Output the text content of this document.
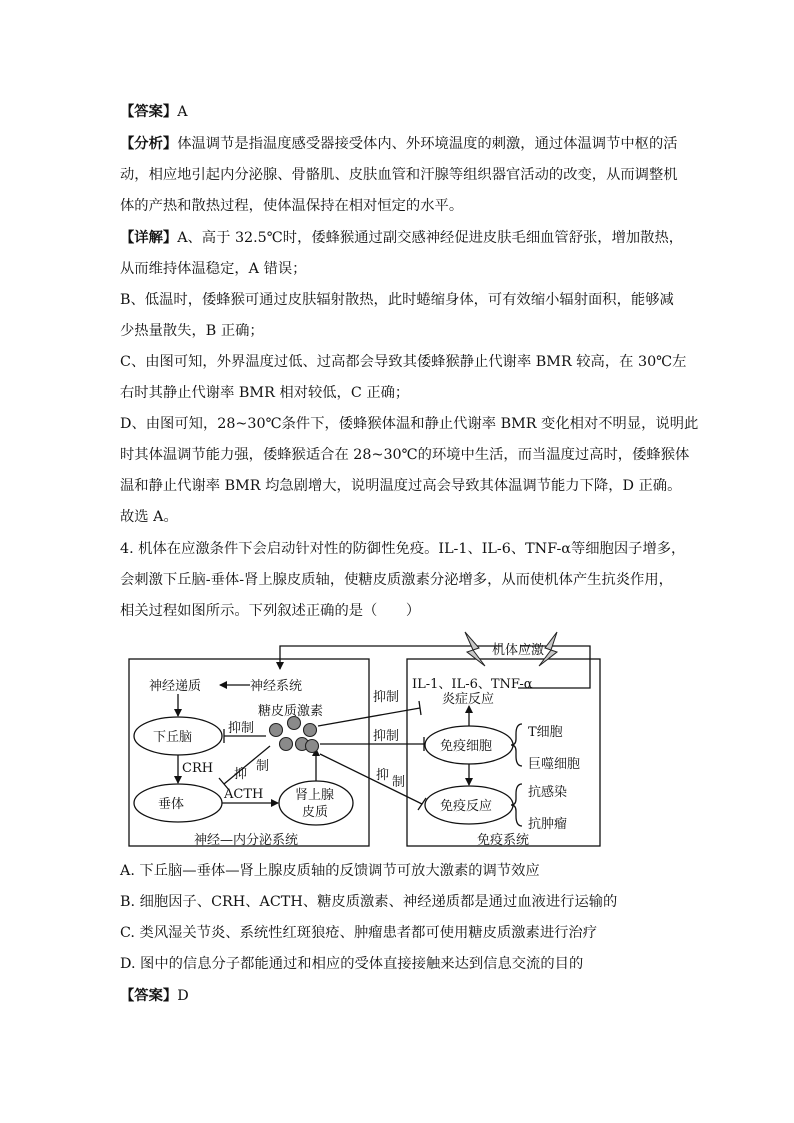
【答案】A
【分析】体温调节是指温度感受器接受体内、外环境温度的刺激，通过体温调节中枢的活
动，相应地引起内分泌腺、骨骼肌、皮肤血管和汗腺等组织器官活动的改变，从而调整机
体的产热和散热过程，使体温保持在相对恒定的水平。
【详解】A、高于 32.5℃时，倭蜂猴通过副交感神经促进皮肤毛细血管舒张，增加散热，
从而维持体温稳定，A 错误；
B、低温时，倭蜂猴可通过皮肤辐射散热，此时蜷缩身体，可有效缩小辐射面积，能够减
少热量散失，B 正确；
C、由图可知，外界温度过低、过高都会导致其倭蜂猴静止代谢率 BMR 较高，在 30℃左
右时其静止代谢率 BMR 相对较低，C 正确；
D、由图可知，28~30℃条件下，倭蜂猴体温和静止代谢率 BMR 变化相对不明显，说明此
时其体温调节能力强，倭蜂猴适合在 28~30℃的环境中生活，而当温度过高时，倭蜂猴体
温和静止代谢率 BMR 均急剧增大，说明温度过高会导致其体温调节能力下降，D 正确。
故选 A。
4. 机体在应激条件下会启动针对性的防御性免疫。IL-1、IL-6、TNF-α等细胞因子增多，
会刺激下丘脑-垂体-肾上腺皮质轴，使糖皮质激素分泌增多，从而使机体产生抗炎作用，
相关过程如图所示。下列叙述正确的是（　　）
机体应激
神经系统
神经递质
下丘脑
垂体
肾上腺
皮质
糖皮质激素
CRH
ACTH
抑制
抑
制
抑制
抑制
抑 制
IL-1、IL-6、TNF-α
炎症反应
免疫细胞
T细胞
巨噬细胞
免疫反应
抗感染
抗肿瘤
神经—内分泌系统	免疫系统
A. 下丘脑—垂体—肾上腺皮质轴的反馈调节可放大激素的调节效应
B. 细胞因子、CRH、ACTH、糖皮质激素、神经递质都是通过血液进行运输的
C. 类风湿关节炎、系统性红斑狼疮、肿瘤患者都可使用糖皮质激素进行治疗
D. 图中的信息分子都能通过和相应的受体直接接触来达到信息交流的目的
【答案】D
